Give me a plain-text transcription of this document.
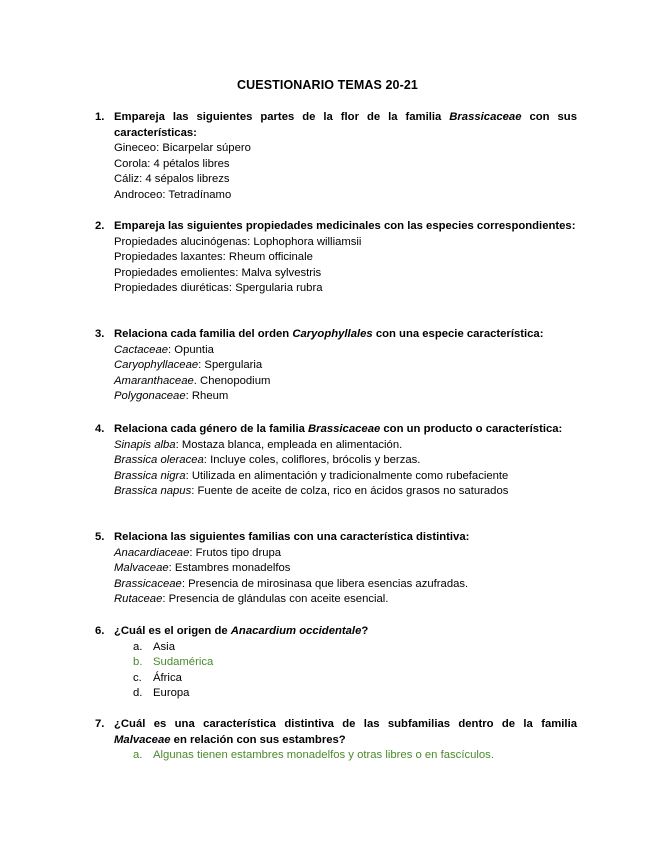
CUESTIONARIO TEMAS 20-21
1. Empareja las siguientes partes de la flor de la familia Brassicaceae con sus características:
Gineceo: Bicarpelar súpero
Corola: 4 pétalos libres
Cáliz: 4 sépalos librezs
Androceo: Tetradínamo
2. Empareja las siguientes propiedades medicinales con las especies correspondientes:
Propiedades alucinógenas: Lophophora williamsii
Propiedades laxantes: Rheum officinale
Propiedades emolientes: Malva sylvestris
Propiedades diuréticas: Spergularia rubra
3. Relaciona cada familia del orden Caryophyllales con una especie característica:
Cactaceae: Opuntia
Caryophyllaceae: Spergularia
Amaranthaceae. Chenopodium
Polygonaceae: Rheum
4. Relaciona cada género de la familia Brassicaceae con un producto o característica:
Sinapis alba: Mostaza blanca, empleada en alimentación.
Brassica oleracea: Incluye coles, coliflores, brócolis y berzas.
Brassica nigra: Utilizada en alimentación y tradicionalmente como rubefaciente
Brassica napus: Fuente de aceite de colza, rico en ácidos grasos no saturados
5. Relaciona las siguientes familias con una característica distintiva:
Anacardiaceae: Frutos tipo drupa
Malvaceae: Estambres monadelfos
Brassicaceae: Presencia de mirosinasa que libera esencias azufradas.
Rutaceae: Presencia de glándulas con aceite esencial.
6. ¿Cuál es el origen de Anacardium occidentale?
a. Asia
b. Sudamérica
c. África
d. Europa
7. ¿Cuál es una característica distintiva de las subfamilias dentro de la familia Malvaceae en relación con sus estambres?
a. Algunas tienen estambres monadelfos y otras libres o en fascículos.
